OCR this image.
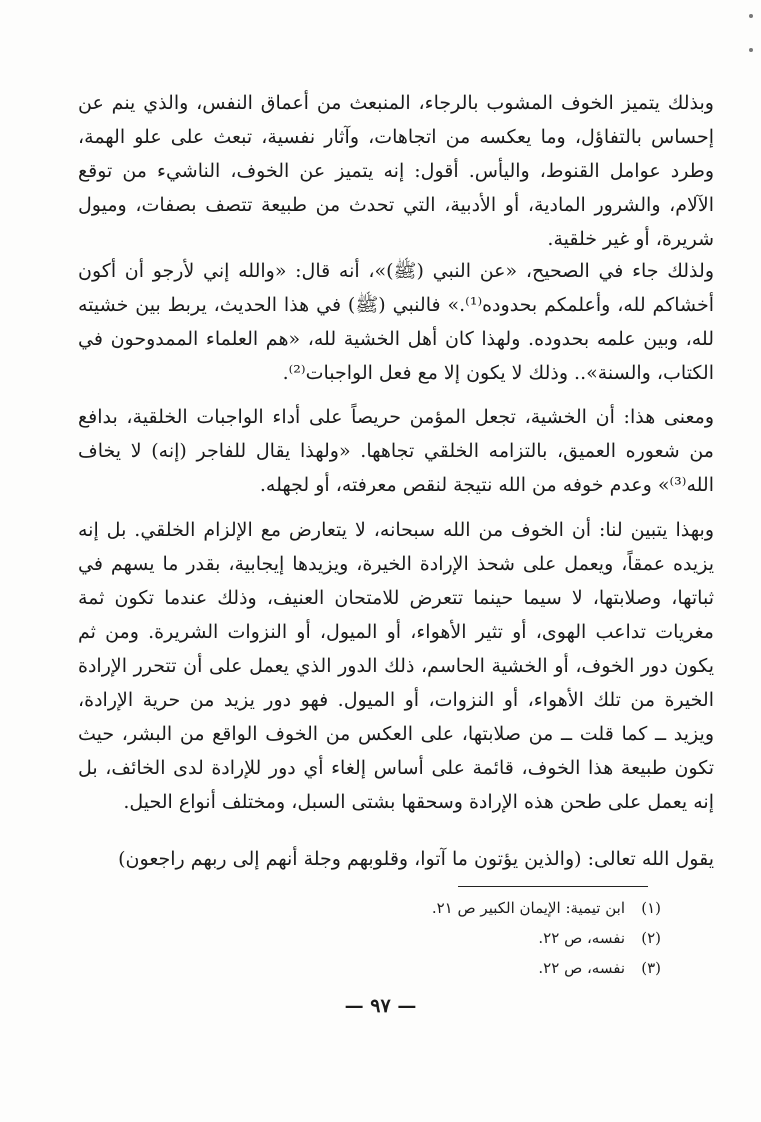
وبذلك يتميز الخوف المشوب بالرجاء، المنبعث من أعماق النفس، والذي ينم عن إحساس بالتفاؤل، وما يعكسه من اتجاهات، وآثار نفسية، تبعث على علو الهمة، وطرد عوامل القنوط، واليأس. أقول: إنه يتميز عن الخوف، الناشيء من توقع الآلام، والشرور المادية، أو الأدبية، التي تحدث من طبيعة تتصف بصفات، وميول شريرة، أو غير خلقية.

ولذلك جاء في الصحيح، «عن النبي (ﷺ)»، أنه قال: «والله إني لأرجو أن أكون أخشاكم لله، وأعلمكم بحدوده⁽¹⁾.» فالنبي (ﷺ) في هذا الحديث، يربط بين خشيته لله، وبين علمه بحدوده. ولهذا كان أهل الخشية لله، «هم العلماء الممدوحون في الكتاب، والسنة».. وذلك لا يكون إلا مع فعل الواجبات⁽²⁾.

ومعنى هذا: أن الخشية، تجعل المؤمن حريصاً على أداء الواجبات الخلقية، بدافع من شعوره العميق، بالتزامه الخلقي تجاهها. «ولهذا يقال للفاجر (إنه) لا يخاف الله⁽³⁾» وعدم خوفه من الله نتيجة لنقص معرفته، أو لجهله.

وبهذا يتبين لنا: أن الخوف من الله سبحانه، لا يتعارض مع الإلزام الخلقي. بل إنه يزيده عمقاً، ويعمل على شحذ الإرادة الخيرة، ويزيدها إيجابية، بقدر ما يسهم في ثباتها، وصلابتها، لا سيما حينما تتعرض للامتحان العنيف، وذلك عندما تكون ثمة مغريات تداعب الهوى، أو تثير الأهواء، أو الميول، أو النزوات الشريرة. ومن ثم يكون دور الخوف، أو الخشية الحاسم، ذلك الدور الذي يعمل على أن تتحرر الإرادة الخيرة من تلك الأهواء، أو النزوات، أو الميول. فهو دور يزيد من حرية الإرادة، ويزيد ــ كما قلت ــ من صلابتها، على العكس من الخوف الواقع من البشر، حيث تكون طبيعة هذا الخوف، قائمة على أساس إلغاء أي دور للإرادة لدى الخائف، بل إنه يعمل على طحن هذه الإرادة وسحقها بشتى السبل، ومختلف أنواع الحيل.

يقول الله تعالى: (والذين يؤتون ما آتوا، وقلوبهم وجلة أنهم إلى ربهم راجعون)

(١)
ابن تيمية: الإيمان الكبير ص ٢١.
(٢)
نفسه، ص ٢٢.
(٣)
نفسه، ص ٢٢.
— ٩٧ —
